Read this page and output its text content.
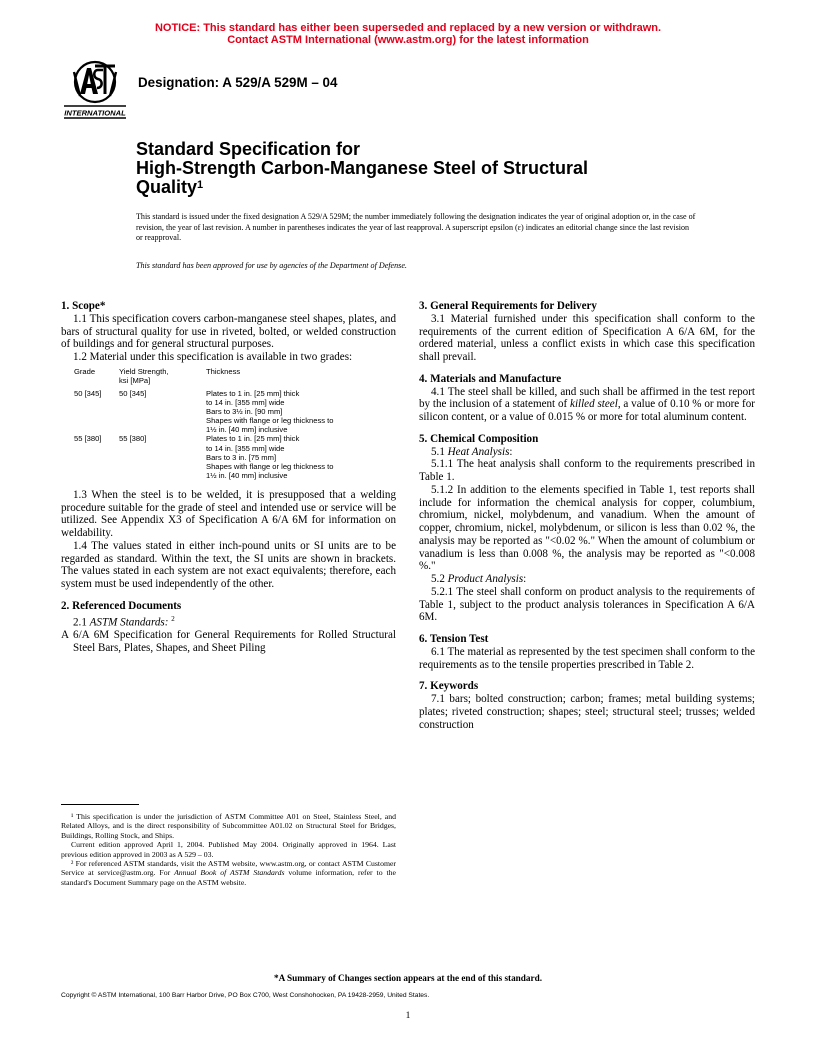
NOTICE: This standard has either been superseded and replaced by a new version or withdrawn.
Contact ASTM International (www.astm.org) for the latest information
INTERNATIONAL
Designation: A 529/A 529M – 04
Standard Specification for
High-Strength Carbon-Manganese Steel of Structural
Quality$^1$
This standard is issued under the fixed designation A 529/A 529M; the number immediately following the designation indicates the year of original adoption or, in the case of revision, the year of last revision. A number in parentheses indicates the year of last reapproval. A superscript epsilon (ε) indicates an editorial change since the last revision or reapproval.
This standard has been approved for use by agencies of the Department of Defense.
1. Scope*

1.1 This specification covers carbon-manganese steel shapes, plates, and bars of structural quality for use in riveted, bolted, or welded construction of buildings and for general structural purposes.

1.2 Material under this specification is available in two grades:

Grade	Yield Strength,
ksi [MPa]
Thickness
50 [345]	50 [345]	Plates to 1 in. [25 mm] thick
to 14 in. [355 mm] wide
Bars to 3½ in. [90 mm]
Shapes with flange or leg thickness to
1½ in. [40 mm] inclusive
55 [380]	55 [380]	Plates to 1 in. [25 mm] thick
to 14 in. [355 mm] wide
Bars to 3 in. [75 mm]
Shapes with flange or leg thickness to
1½ in. [40 mm] inclusive

1.3 When the steel is to be welded, it is presupposed that a welding procedure suitable for the grade of steel and intended use or service will be utilized. See Appendix X3 of Specification A 6/A 6M for information on weldability.

1.4 The values stated in either inch-pound units or SI units are to be regarded as standard. Within the text, the SI units are shown in brackets. The values stated in each system are not exact equivalents; therefore, each system must be used independently of the other.

2. Referenced Documents

2.1 ASTM Standards: $^2$

A 6/A 6M Specification for General Requirements for Rolled Structural Steel Bars, Plates, Shapes, and Sheet Piling

¹ This specification is under the jurisdiction of ASTM Committee A01 on Steel, Stainless Steel, and Related Alloys, and is the direct responsibility of Subcommittee A01.02 on Structural Steel for Bridges, Buildings, Rolling Stock, and Ships.

Current edition approved April 1, 2004. Published May 2004. Originally approved in 1964. Last previous edition approved in 2003 as A 529 – 03.

² For referenced ASTM standards, visit the ASTM website, www.astm.org, or contact ASTM Customer Service at service@astm.org. For Annual Book of ASTM Standards volume information, refer to the standard's Document Summary page on the ASTM website.

3. General Requirements for Delivery

3.1 Material furnished under this specification shall conform to the requirements of the current edition of Specification A 6/A 6M, for the ordered material, unless a conflict exists in which case this specification shall prevail.

4. Materials and Manufacture

4.1 The steel shall be killed, and such shall be affirmed in the test report by the inclusion of a statement of killed steel, a value of 0.10 % or more for silicon content, or a value of 0.015 % or more for total aluminum content.

5. Chemical Composition

5.1 Heat Analysis:

5.1.1 The heat analysis shall conform to the requirements prescribed in Table 1.

5.1.2 In addition to the elements specified in Table 1, test reports shall include for information the chemical analysis for copper, columbium, chromium, nickel, molybdenum, and vanadium. When the amount of copper, chromium, nickel, molybdenum, or silicon is less than 0.02 %, the analysis may be reported as "<0.02 %." When the amount of columbium or vanadium is less than 0.008 %, the analysis may be reported as "<0.008 %."

5.2 Product Analysis:

5.2.1 The steel shall conform on product analysis to the requirements of Table 1, subject to the product analysis tolerances in Specification A 6/A 6M.

6. Tension Test

6.1 The material as represented by the test specimen shall conform to the requirements as to the tensile properties prescribed in Table 2.

7. Keywords

7.1 bars; bolted construction; carbon; frames; metal building systems; plates; riveted construction; shapes; steel; structural steel; trusses; welded construction

*A Summary of Changes section appears at the end of this standard.
Copyright © ASTM International, 100 Barr Harbor Drive, PO Box C700, West Conshohocken, PA 19428-2959, United States.
1
